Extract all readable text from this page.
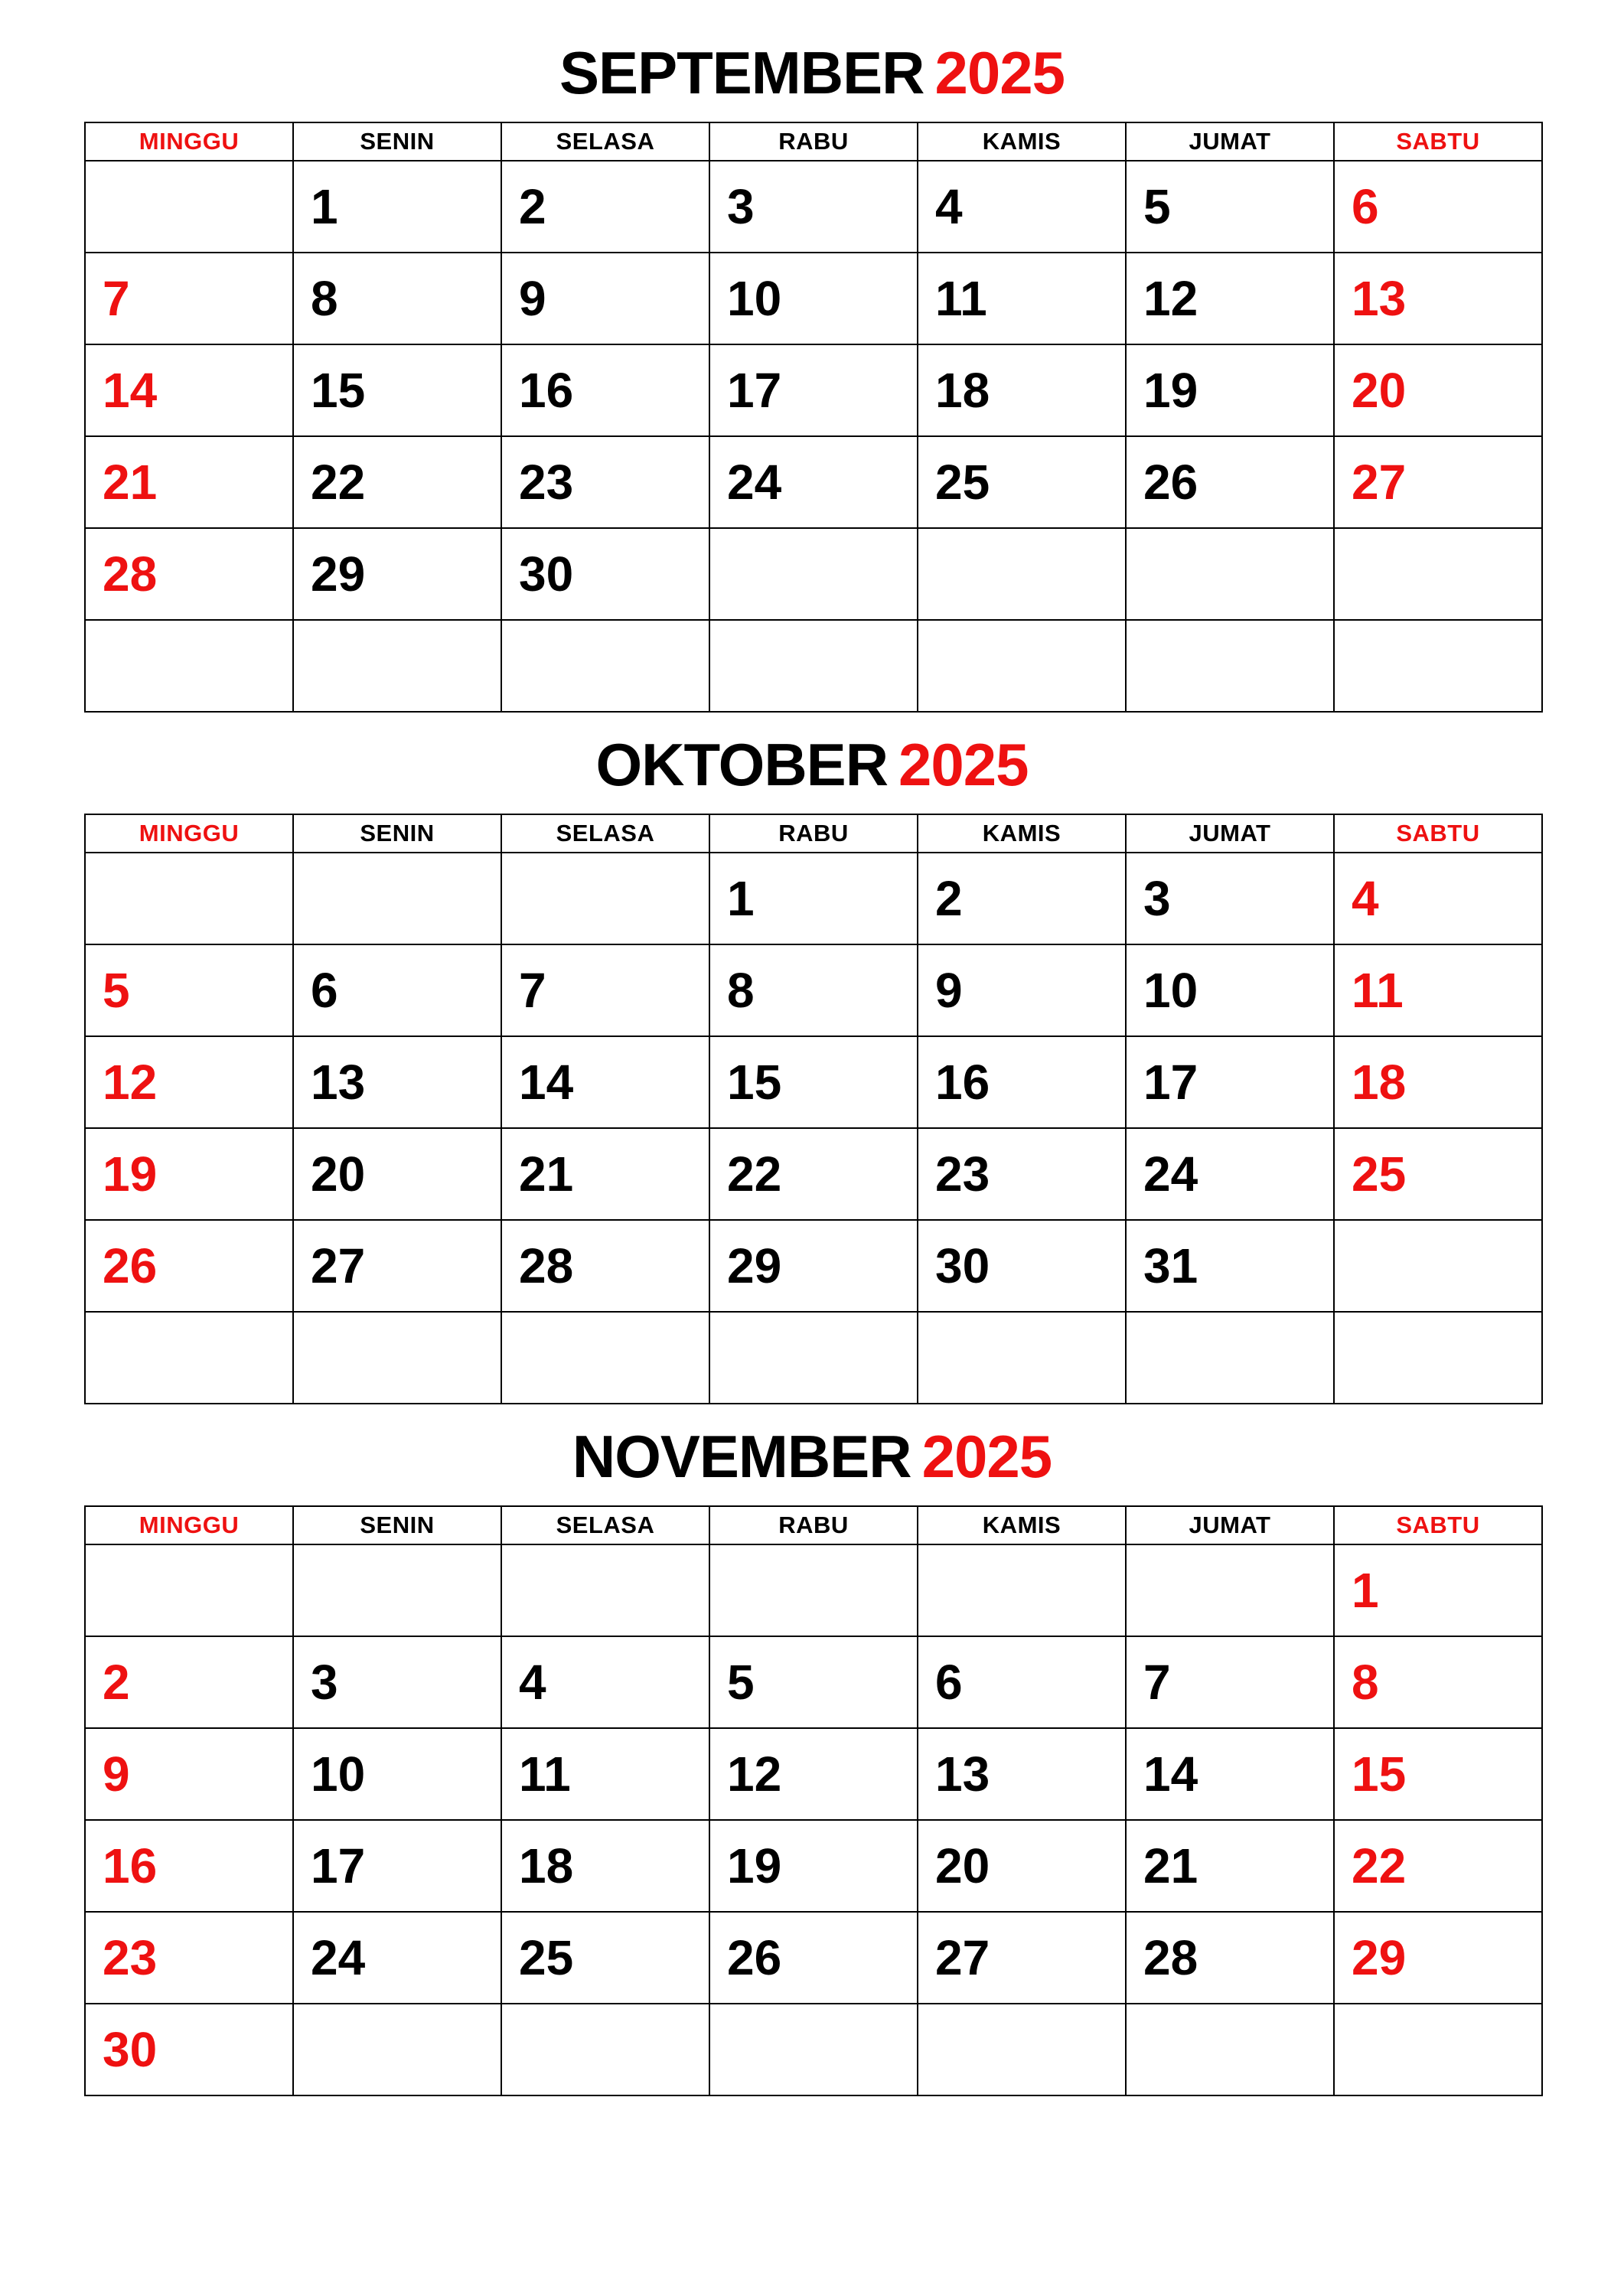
SEPTEMBER 2025
MINGGU	SENIN	SELASA	RABU	KAMIS	JUMAT	SABTU
	1	2	3	4	5	6
7	8	9	10	11	12	13
14	15	16	17	18	19	20
21	22	23	24	25	26	27
28	29	30				

OKTOBER 2025
MINGGU	SENIN	SELASA	RABU	KAMIS	JUMAT	SABTU
			1	2	3	4
5	6	7	8	9	10	11
12	13	14	15	16	17	18
19	20	21	22	23	24	25
26	27	28	29	30	31	

NOVEMBER 2025
MINGGU	SENIN	SELASA	RABU	KAMIS	JUMAT	SABTU
						1
2	3	4	5	6	7	8
9	10	11	12	13	14	15
16	17	18	19	20	21	22
23	24	25	26	27	28	29
30						
